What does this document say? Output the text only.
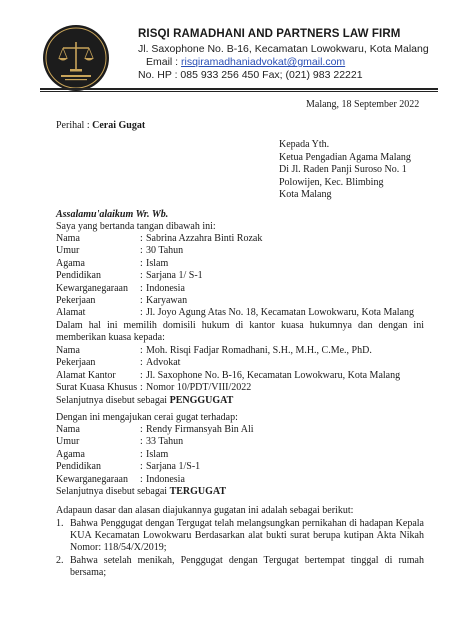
RISQI RAMADHANI AND PARTNERS LAW FIRM
Jl. Saxophone No. B-16, Kecamatan Lowokwaru, Kota Malang
Email : risqiramadhaniadvokat@gmail.com
No. HP : 085 933 256 450 Fax; (021) 983 22221
Malang, 18 September 2022
Perihal : Cerai Gugat
Kepada Yth.
Ketua Pengadian Agama Malang
Di Jl. Raden Panji Suroso No. 1
Polowijen, Kec. Blimbing
Kota Malang
Assalamu'alaikum Wr. Wb.
Saya yang bertanda tangan dibawah ini:
Nama	: Sabrina Azzahra Binti Rozak
Umur	: 30 Tahun
Agama	: Islam
Pendidikan	: Sarjana 1/ S-1
Kewarganegaraan : Indonesia
Pekerjaan	: Karyawan
Alamat	: Jl. Joyo Agung Atas No. 18, Kecamatan Lowokwaru, Kota Malang
Dalam hal ini memilih domisili hukum di kantor kuasa hukumnya dan dengan ini memberikan kuasa kepada:
Nama	: Moh. Risqi Fadjar Romadhani, S.H., M.H., C.Me., PhD.
Pekerjaan	: Advokat
Alamat Kantor : Jl. Saxophone No. B-16, Kecamatan Lowokwaru, Kota Malang
Surat Kuasa Khusus : Nomor 10/PDT/VIII/2022
Selanjutnya disebut sebagai PENGGUGAT
Dengan ini mengajukan cerai gugat terhadap:
Nama	: Rendy Firmansyah Bin Ali
Umur	: 33 Tahun
Agama	: Islam
Pendidikan	: Sarjana 1/S-1
Kewarganegaraan : Indonesia
Selanjutnya disebut sebagai TERGUGAT
Adapaun dasar dan alasan diajukannya gugatan ini adalah sebagai berikut:
1. Bahwa Penggugat dengan Tergugat telah melangsungkan pernikahan di hadapan Kepala KUA Kecamatan Lowokwaru Berdasarkan alat bukti surat berupa kutipan Akta Nikah Nomor: 118/54/X/2019;
2. Bahwa setelah menikah, Penggugat dengan Tergugat bertempat tinggal di rumah bersama;
